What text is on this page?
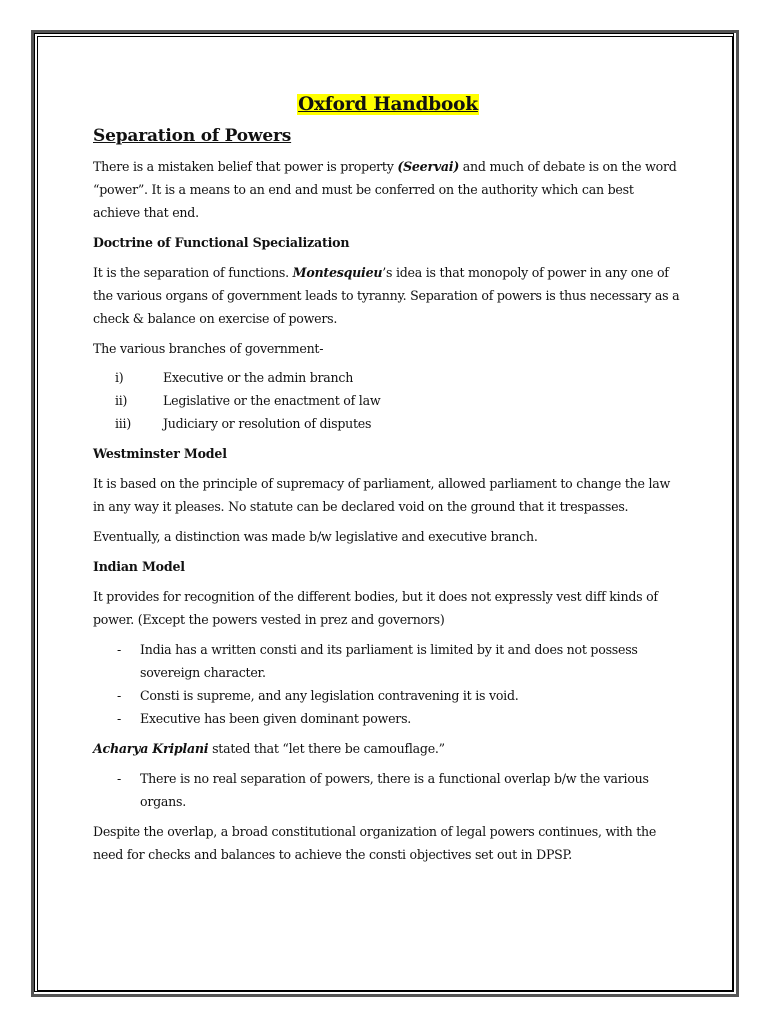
Oxford Handbook
Separation of Powers

There is a mistaken belief that power is property (Seervai) and much of debate is on the word “power”. It is a means to an end and must be conferred on the authority which can best achieve that end.

Doctrine of Functional Specialization

It is the separation of functions. Montesquieu’s idea is that monopoly of power in any one of the various organs of government leads to tyranny. Separation of powers is thus necessary as a check & balance on exercise of powers.

The various branches of government-

i)	Executive or the admin branch
ii)	Legislative or the enactment of law
iii)	Judiciary or resolution of disputes
Westminster Model

It is based on the principle of supremacy of parliament, allowed parliament to change the law in any way it pleases. No statute can be declared void on the ground that it trespasses.

Eventually, a distinction was made b/w legislative and executive branch.

Indian Model

It provides for recognition of the different bodies, but it does not expressly vest diff kinds of power. (Except the powers vested in prez and governors)

-	India has a written consti and its parliament is limited by it and does not possess sovereign character.
-	Consti is supreme, and any legislation contravening it is void.
-	Executive has been given dominant powers.

Acharya Kriplani stated that “let there be camouflage.”

-	There is no real separation of powers, there is a functional overlap b/w the various organs.

Despite the overlap, a broad constitutional organization of legal powers continues, with the need for checks and balances to achieve the consti objectives set out in DPSP.
